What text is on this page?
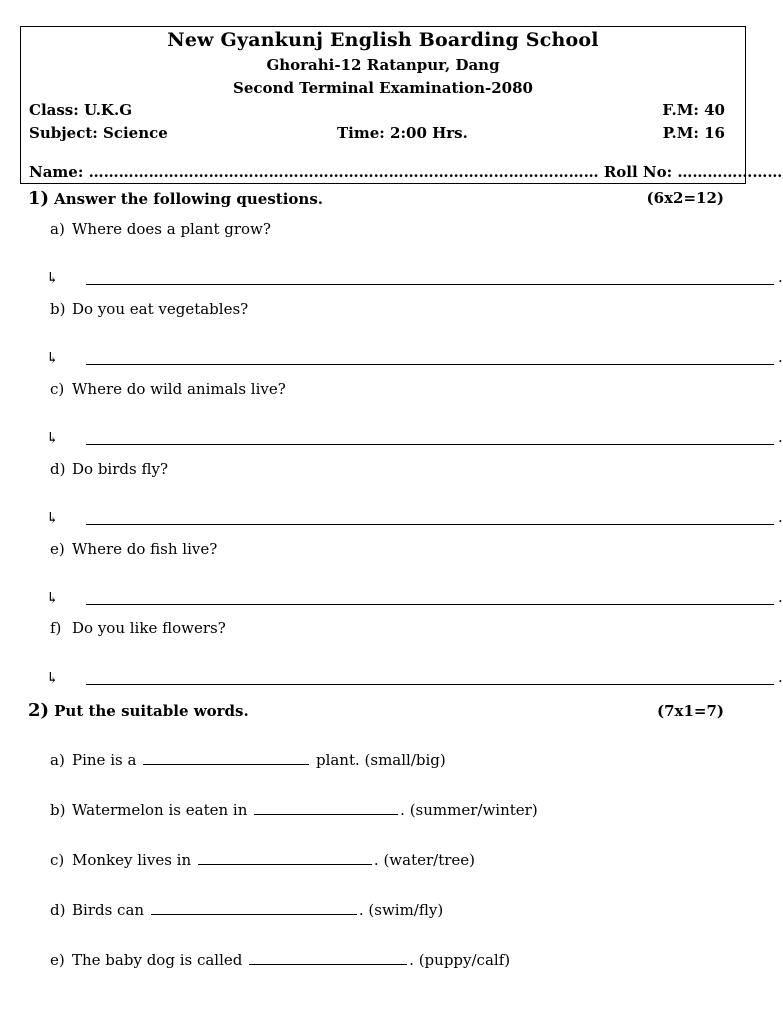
New Gyankunj English Boarding School
Ghorahi-12 Ratanpur, Dang
Second Terminal Examination-2080
Class: U.K.G	F.M: 40
Subject: Science	Time: 2:00 Hrs.	P.M: 16
Name: ………………………………………………………………………………………… Roll No: …………………
1) Answer the following questions.	(6x2=12)
a) Where does a plant grow?
↳	.
b) Do you eat vegetables?
↳	.
c) Where do wild animals live?
↳	.
d) Do birds fly?
↳	.
e) Where do fish live?
↳	.
f) Do you like flowers?
↳	.
2) Put the suitable words.	(7x1=7)
a) Pine is a	plant. (small/big)
b) Watermelon is eaten in	. (summer/winter)
c) Monkey lives in	. (water/tree)
d) Birds can	. (swim/fly)
e) The baby dog is called	. (puppy/calf)
